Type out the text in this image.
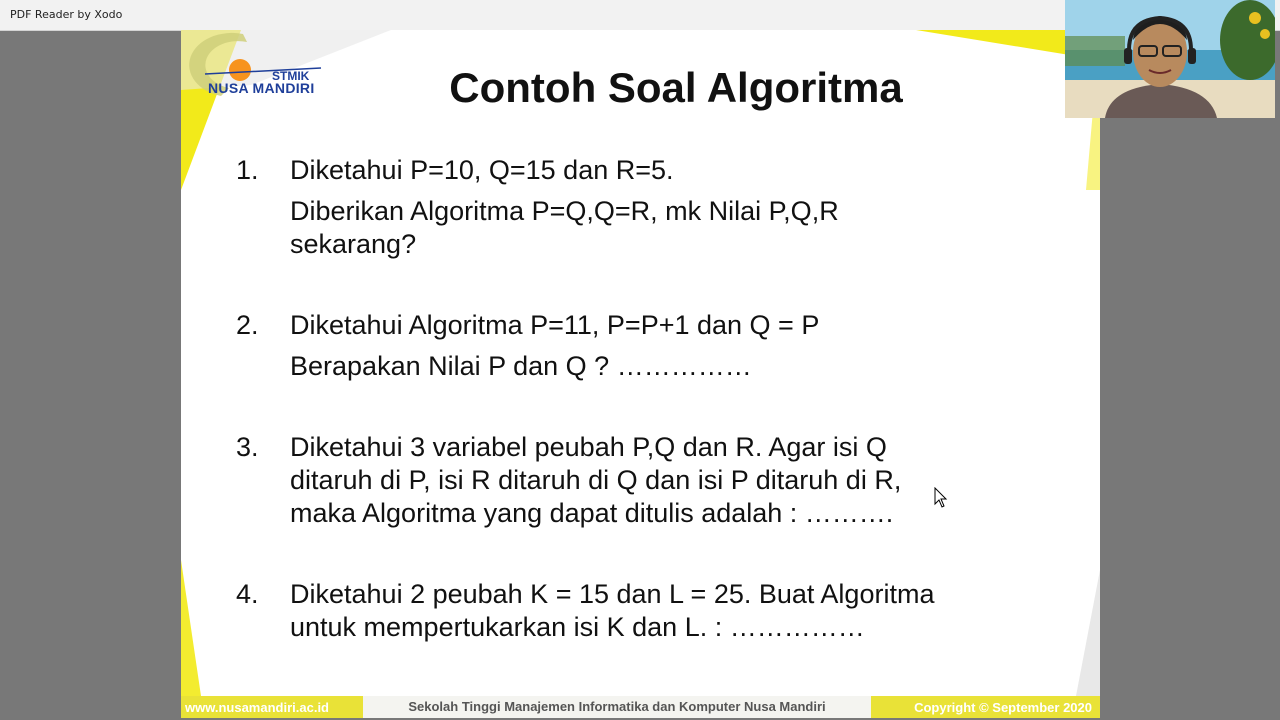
PDF Reader by Xodo
STMIK
NUSA MANDIRI	Contoh Soal Algoritma
1.	Diketahui P=10, Q=15 dan R=5.
Diberikan Algoritma P=Q,Q=R, mk Nilai P,Q,R
sekarang?
2.	Diketahui Algoritma P=11, P=P+1 dan Q = P
Berapakan Nilai P dan Q ? ……………
3.	Diketahui 3 variabel peubah P,Q dan R. Agar isi Q
ditaruh di P, isi R ditaruh di Q dan isi P ditaruh di R,
maka Algoritma yang dapat ditulis adalah : ……….
4.	Diketahui 2 peubah K = 15 dan L = 25. Buat Algoritma
untuk mempertukarkan isi K dan L. : ……………
www.nusamandiri.ac.id	Sekolah Tinggi Manajemen Informatika dan Komputer Nusa Mandiri	Copyright © September 2020
